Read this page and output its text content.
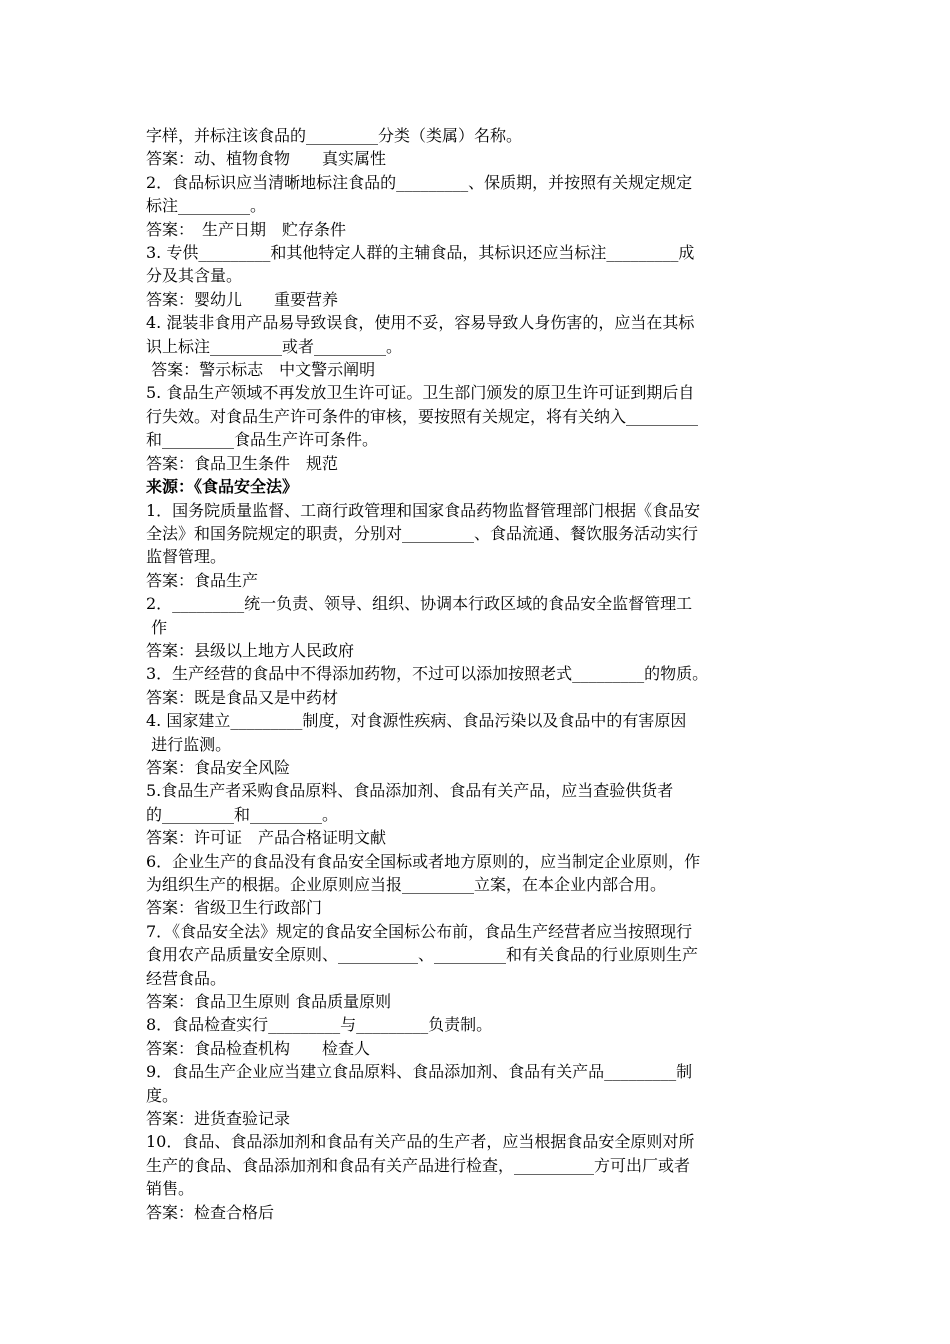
字样，并标注该食品的_________分类（类属）名称。
答案：动、植物食物　　真实属性
2．食品标识应当清晰地标注食品的_________、保质期，并按照有关规定规定
标注_________。
答案：　生产日期　贮存条件
3. 专供_________和其他特定人群的主辅食品，其标识还应当标注_________成
分及其含量。
答案：婴幼儿　　重要营养
4. 混装非食用产品易导致误食，使用不妥，容易导致人身伤害的，应当在其标
识上标注_________或者_________。
答案：警示标志　中文警示阐明
5. 食品生产领域不再发放卫生许可证。卫生部门颁发的原卫生许可证到期后自
行失效。对食品生产许可条件的审核，要按照有关规定，将有关纳入_________
和_________食品生产许可条件。
答案：食品卫生条件　规范
来源：《食品安全法》
1．国务院质量监督、工商行政管理和国家食品药物监督管理部门根据《食品安
全法》和国务院规定的职责，分别对_________、食品流通、餐饮服务活动实行
监督管理。
答案：食品生产
2．_________统一负责、领导、组织、协调本行政区域的食品安全监督管理工
作
答案：县级以上地方人民政府
3．生产经营的食品中不得添加药物，不过可以添加按照老式_________的物质。
答案：既是食品又是中药材
4. 国家建立_________制度，对食源性疾病、食品污染以及食品中的有害原因
进行监测。
答案：食品安全风险
5.食品生产者采购食品原料、食品添加剂、食品有关产品，应当查验供货者
的_________和_________。
答案：许可证　产品合格证明文献
6．企业生产的食品没有食品安全国标或者地方原则的，应当制定企业原则，作
为组织生产的根据。企业原则应当报_________立案，在本企业内部合用。
答案：省级卫生行政部门
7．《食品安全法》规定的食品安全国标公布前，食品生产经营者应当按照现行
食用农产品质量安全原则、__________、_________和有关食品的行业原则生产
经营食品。
答案：食品卫生原则 食品质量原则
8．食品检查实行_________与_________负责制。
答案：食品检查机构　　检查人
9．食品生产企业应当建立食品原料、食品添加剂、食品有关产品_________制
度。
答案：进货查验记录
10．食品、食品添加剂和食品有关产品的生产者，应当根据食品安全原则对所
生产的食品、食品添加剂和食品有关产品进行检查，__________方可出厂或者
销售。
答案：检查合格后
